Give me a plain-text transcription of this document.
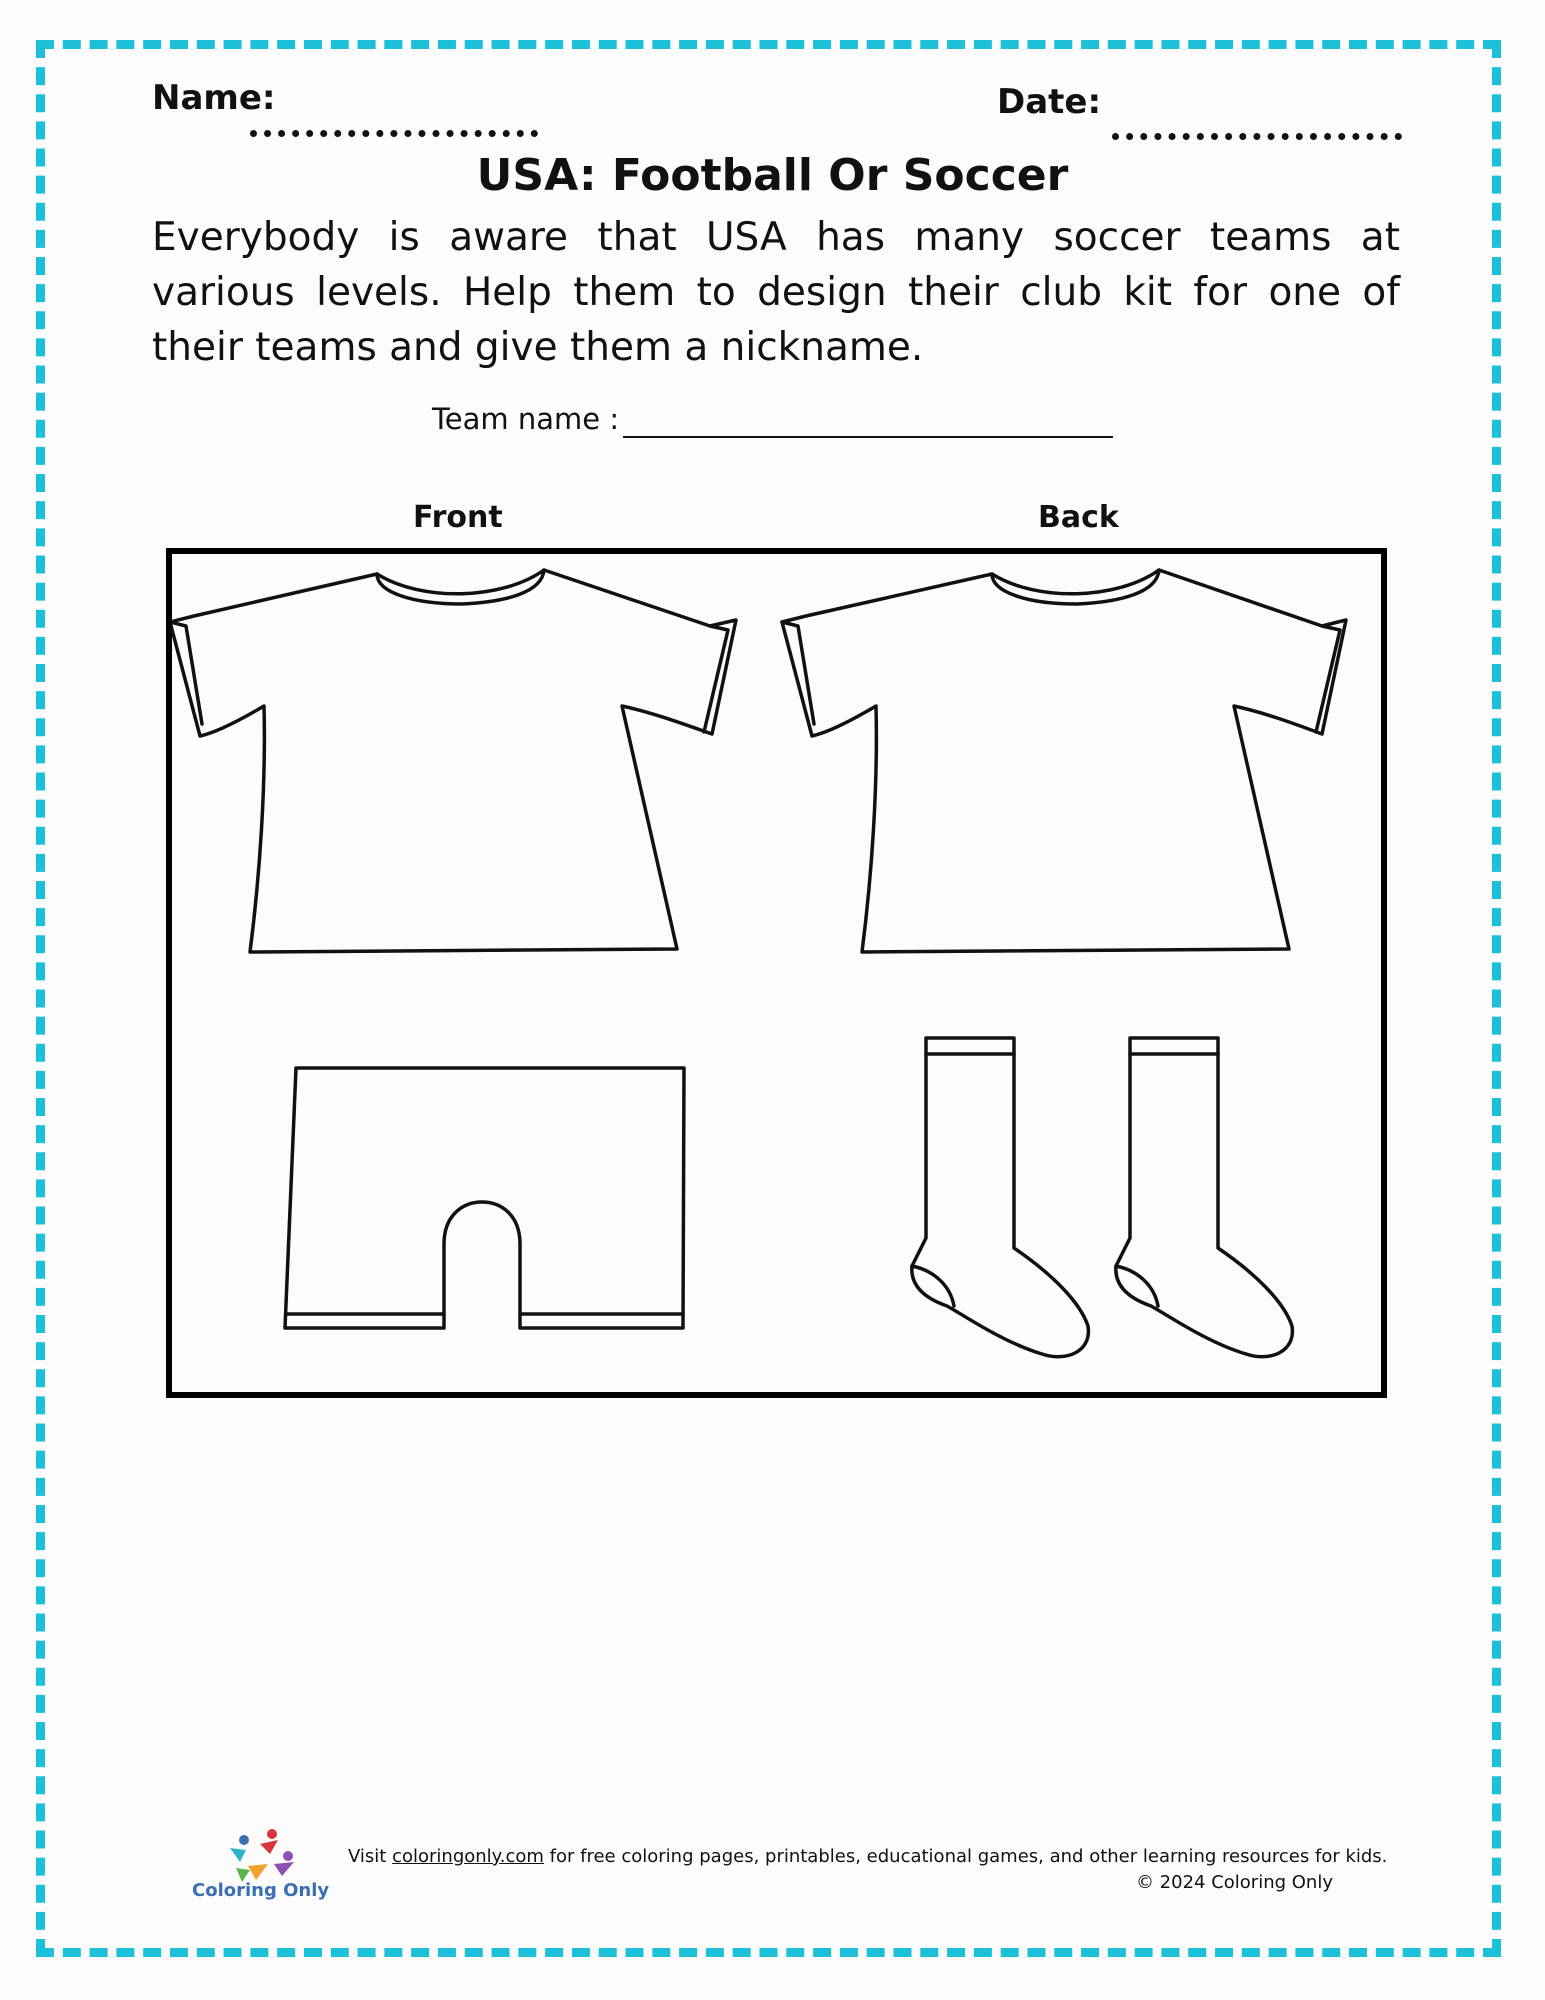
Name:	Date:
USA: Football Or Soccer
Everybody is aware that USA has many soccer teams at various levels. Help them to design their club kit for one of their teams and give them a nickname.
Team name :
Front	Back
Coloring Only
Visit coloringonly.com for free coloring pages, printables, educational games, and other learning resources for kids.
© 2024 Coloring Only
